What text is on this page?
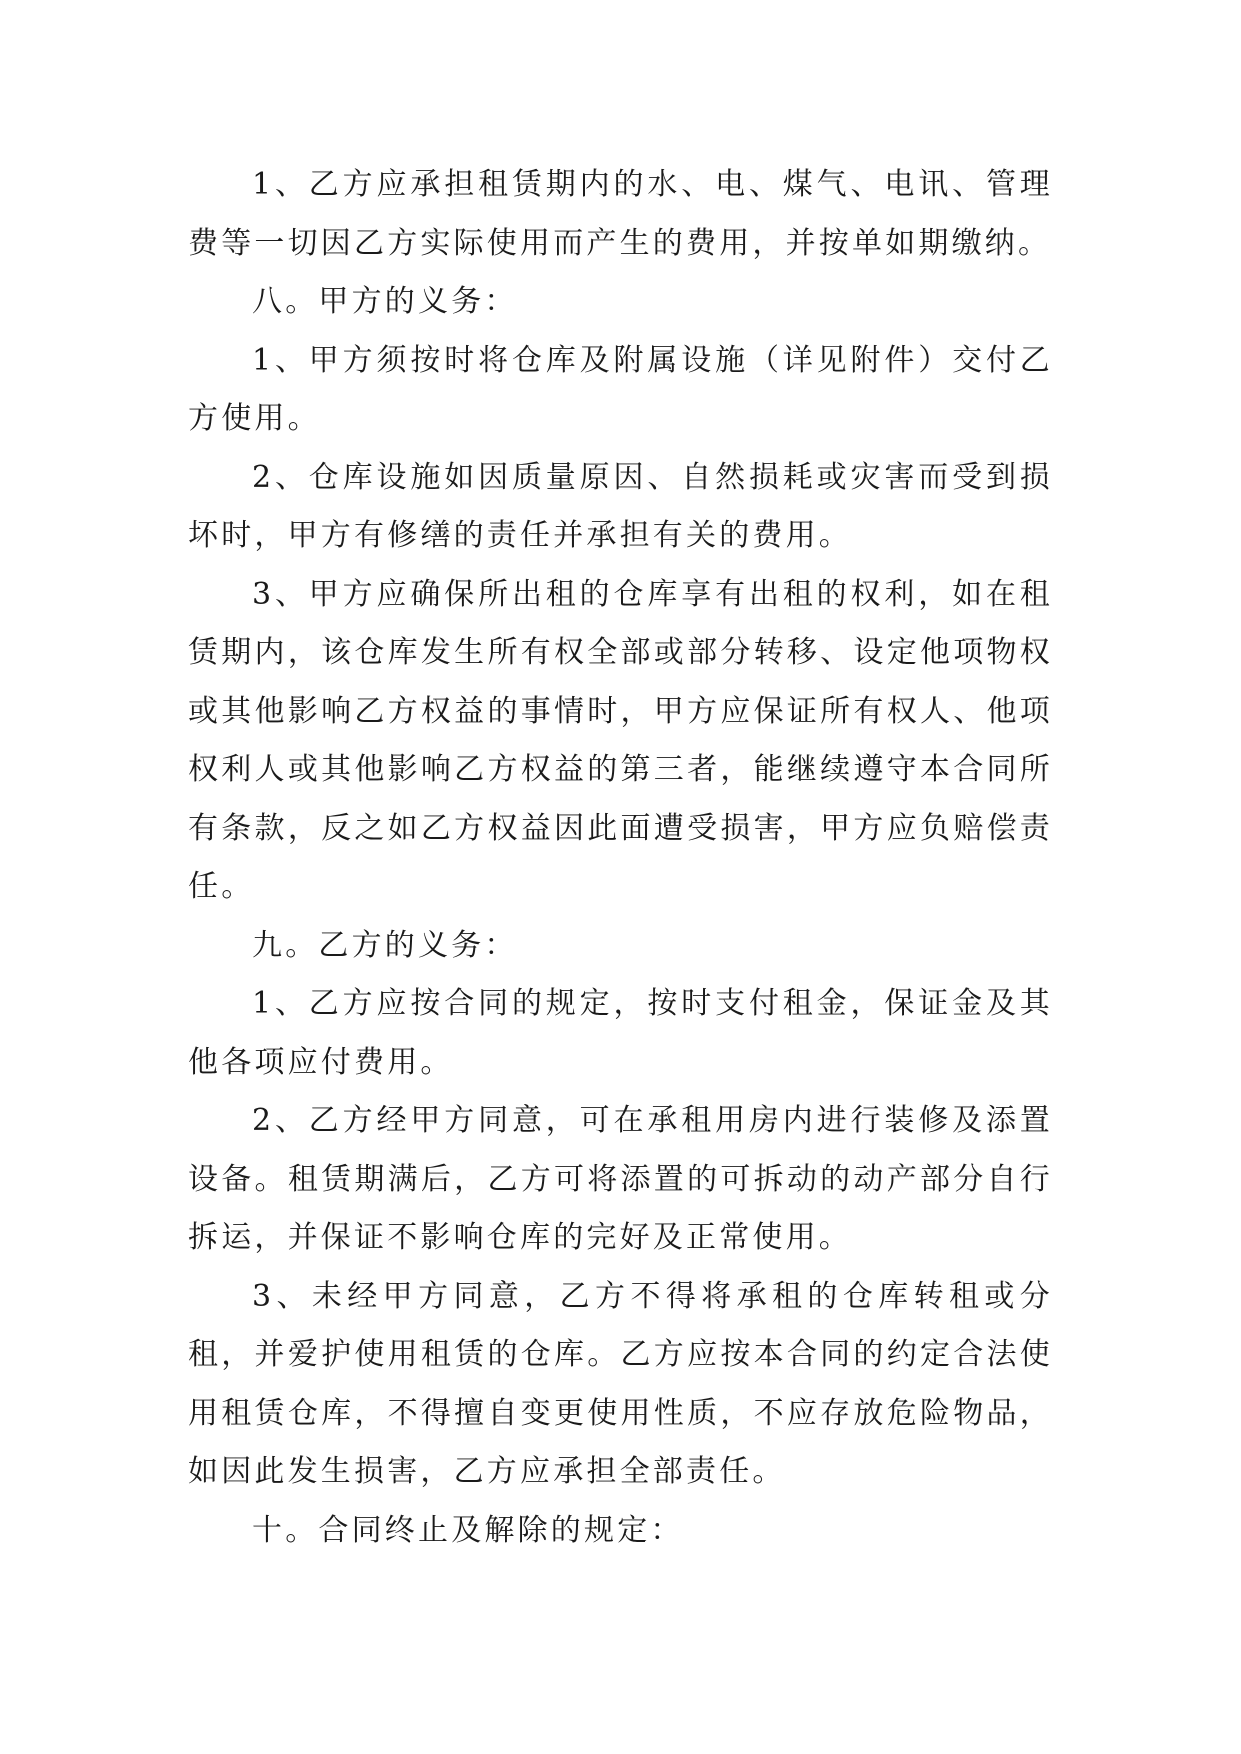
1、乙方应承担租赁期内的水、电、煤气、电讯、管理费等一切因乙方实际使用而产生的费用，并按单如期缴纳。

八。甲方的义务：

1、甲方须按时将仓库及附属设施（详见附件）交付乙方使用。

2、仓库设施如因质量原因、自然损耗或灾害而受到损坏时，甲方有修缮的责任并承担有关的费用。

3、甲方应确保所出租的仓库享有出租的权利，如在租赁期内，该仓库发生所有权全部或部分转移、设定他项物权或其他影响乙方权益的事情时，甲方应保证所有权人、他项权利人或其他影响乙方权益的第三者，能继续遵守本合同所有条款，反之如乙方权益因此面遭受损害，甲方应负赔偿责任。

九。乙方的义务：

1、乙方应按合同的规定，按时支付租金，保证金及其他各项应付费用。

2、乙方经甲方同意，可在承租用房内进行装修及添置设备。租赁期满后，乙方可将添置的可拆动的动产部分自行拆运，并保证不影响仓库的完好及正常使用。

3、未经甲方同意，乙方不得将承租的仓库转租或分租，并爱护使用租赁的仓库。乙方应按本合同的约定合法使用租赁仓库，不得擅自变更使用性质，不应存放危险物品，如因此发生损害，乙方应承担全部责任。

十。合同终止及解除的规定：
